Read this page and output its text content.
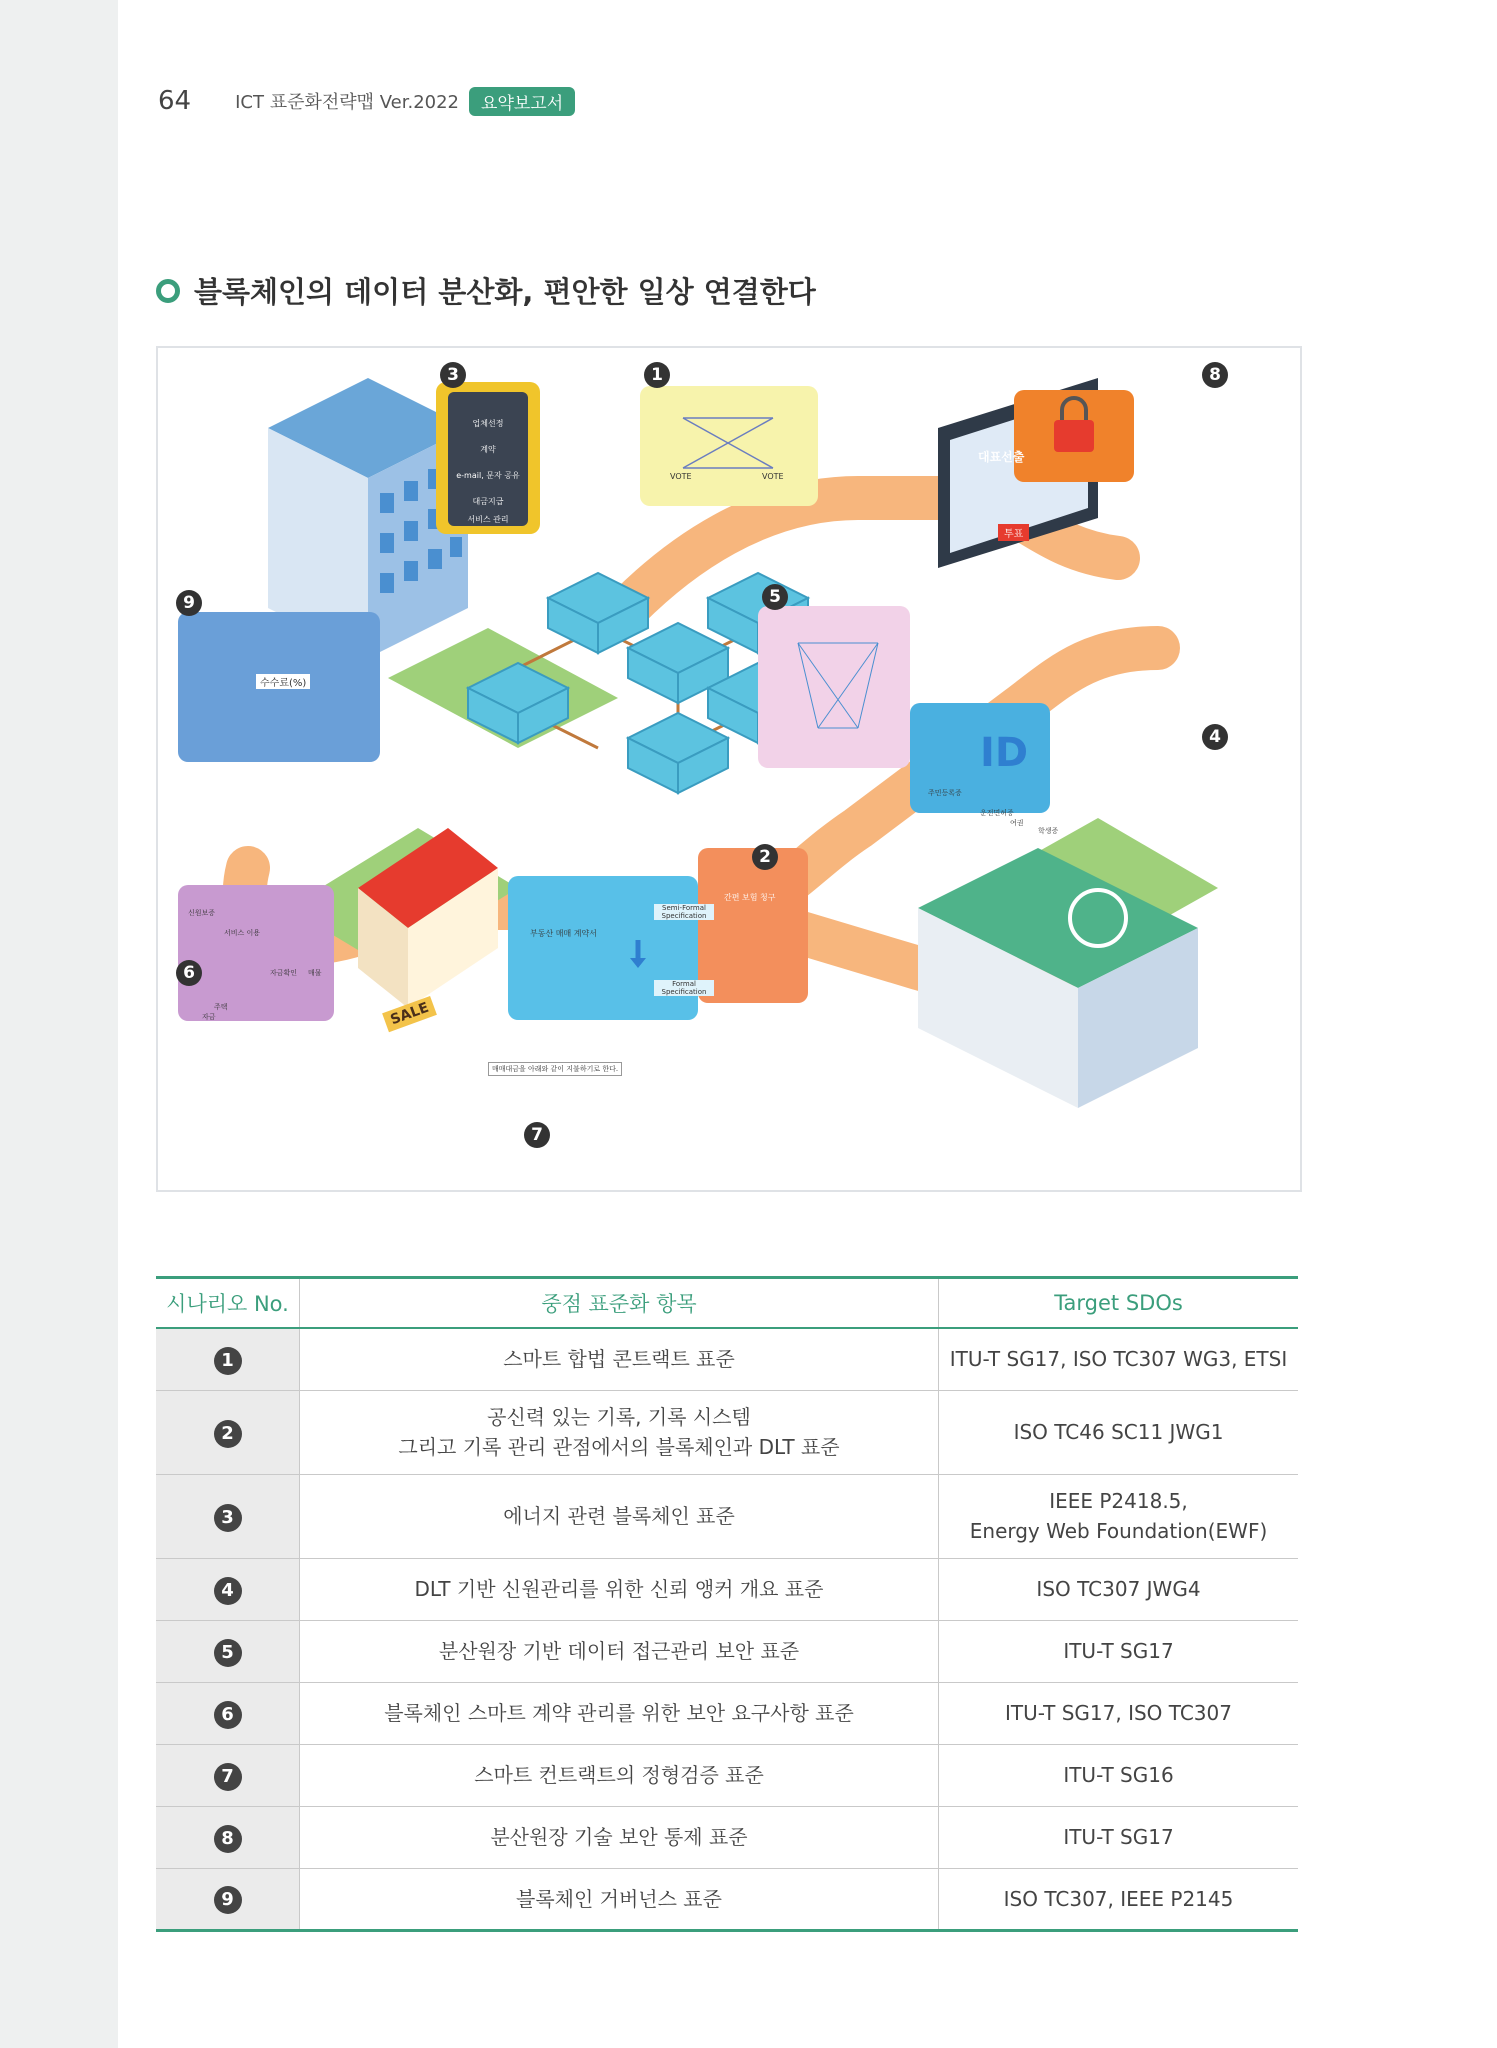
64 ICT 표준화전략맵 Ver.2022	요약보고서
블록체인의 데이터 분산화, 편안한 일상 연결한다
ID
3	1	8
9	5
4
2
6
7
업체선정
계약
e-mail, 문자 공유
대금지급
서비스 관리
VOTE	VOTE
대표선출
투표
수수료(%)
SALE
부동산 매매 계약서
매매대금을 아래와 같이 지불하기로 한다.
Semi-Formal Specification
Formal Specification
간편 보험 청구
주민등록증
운전면허증
여권
학생증
신원보증
서비스 이용
자금확인 매물
주택
자금
시나리오 No.	중점 표준화 항목	Target SDOs
1	스마트 합법 콘트랙트 표준	ITU-T SG17, ISO TC307 WG3, ETSI
2	공신력 있는 기록, 기록 시스템
그리고 기록 관리 관점에서의 블록체인과 DLT 표준	ISO TC46 SC11 JWG1
3	에너지 관련 블록체인 표준	IEEE P2418.5,
Energy Web Foundation(EWF)
4	DLT 기반 신원관리를 위한 신뢰 앵커 개요 표준	ISO TC307 JWG4
5	분산원장 기반 데이터 접근관리 보안 표준	ITU-T SG17
6	블록체인 스마트 계약 관리를 위한 보안 요구사항 표준	ITU-T SG17, ISO TC307
7	스마트 컨트랙트의 정형검증 표준	ITU-T SG16
8	분산원장 기술 보안 통제 표준	ITU-T SG17
9	블록체인 거버넌스 표준	ISO TC307, IEEE P2145
